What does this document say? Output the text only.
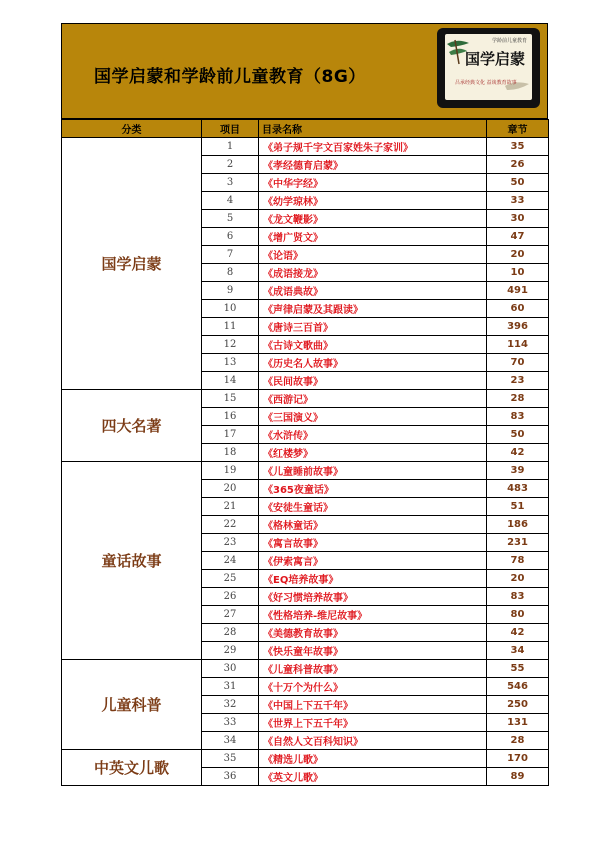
国学启蒙和学龄前儿童教育（8G）
学龄前儿童教育
国学启蒙
吕承经典文化 益谈教育故事
分类	项目	目录名称	章节
国学启蒙	1	《弟子规千字文百家姓朱子家训》	35
	2	《孝经德育启蒙》	26
	3	《中华字经》	50
	4	《幼学琼林》	33
	5	《龙文鞭影》	30
	6	《增广贤文》	47
	7	《论语》	20
	8	《成语接龙》	10
	9	《成语典故》	491
	10	《声律启蒙及其跟读》	60
	11	《唐诗三百首》	396
	12	《古诗文歌曲》	114
	13	《历史名人故事》	70
	14	《民间故事》	23
四大名著	15	《西游记》	28
	16	《三国演义》	83
	17	《水浒传》	50
	18	《红楼梦》	42
童话故事	19	《儿童睡前故事》	39
	20	《365夜童话》	483
	21	《安徒生童话》	51
	22	《格林童话》	186
	23	《寓言故事》	231
	24	《伊索寓言》	78
	25	《EQ培养故事》	20
	26	《好习惯培养故事》	83
	27	《性格培养-维尼故事》	80
	28	《美德教育故事》	42
	29	《快乐童年故事》	34
儿童科普	30	《儿童科普故事》	55
	31	《十万个为什么》	546
	32	《中国上下五千年》	250
	33	《世界上下五千年》	131
	34	《自然人文百科知识》	28
中英文儿歌	35	《精选儿歌》	170
	36	《英文儿歌》	89
